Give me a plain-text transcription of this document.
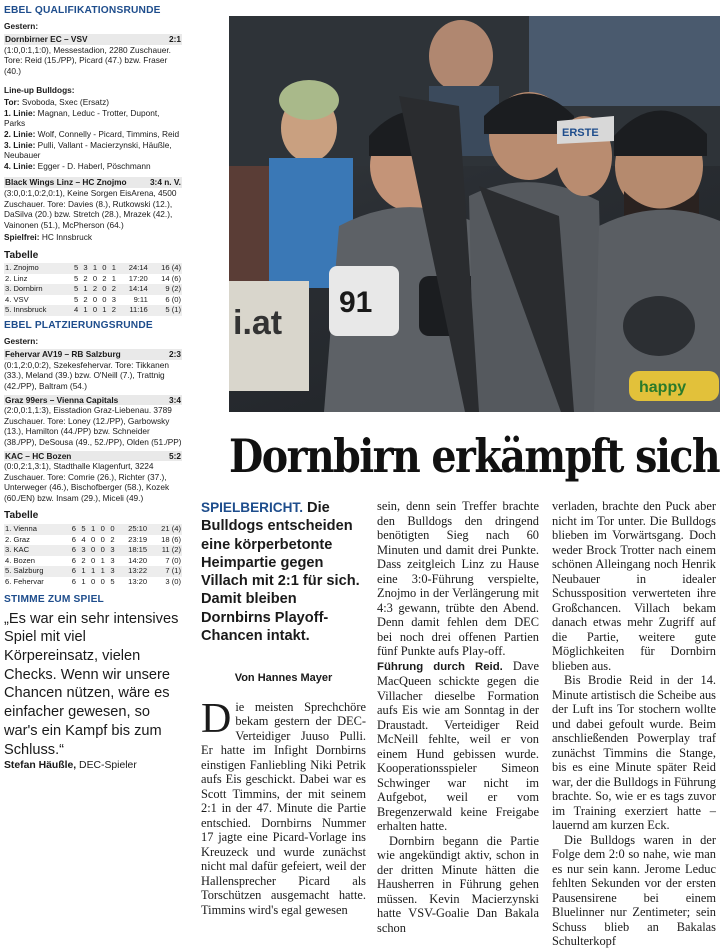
EBEL QUALIFIKATIONSRUNDE
Gestern:
Dornbirner EC – VSV	2:1
(1:0,0:1,1:0), Messestadion, 2280 Zuschauer. Tore: Reid (15./PP), Picard (47.) bzw. Fraser (40.)
Line-up Bulldogs:
Tor: Svoboda, Sxec (Ersatz)
1. Linie: Magnan, Leduc - Trotter, Dupont, Parks
2. Linie: Wolf, Connelly - Picard, Timmins, Reid
3. Linie: Pulli, Vallant - Macierzynski, Häußle, Neubauer
4. Linie: Egger - D. Haberl, Pöschmann
Black Wings Linz – HC Znojmo	3:4 n. V.
(3:0,0:1,0:2,0:1), Keine Sorgen EisArena, 4500 Zuschauer. Tore: Davies (8.), Rutkowski (12.), DaSilva (20.) bzw. Stretch (28.), Mrazek (42.), Vainonen (51.), McPherson (64.)
Spielfrei: HC Innsbruck
Tabelle
1. Znojmo	5	3	1	0	1	24:14	16 (4)
2. Linz	5	2	0	2	1	17:20	14 (6)
3. Dornbirn	5	1	2	0	2	14:14	9 (2)
4. VSV	5	2	0	0	3	9:11	6 (0)
5. Innsbruck	4	1	0	1	2	11:16	5 (1)
EBEL PLATZIERUNGSRUNDE
Gestern:
Fehervar AV19 – RB Salzburg	2:3
(0:1,2:0,0:2), Szekesfehervar. Tore: Tikkanen (33.), Meland (39.) bzw. O'Neill (7.), Trattnig (42./PP), Baltram (54.)
Graz 99ers – Vienna Capitals	3:4
(2:0,0:1,1:3), Eisstadion Graz-Liebenau. 3789 Zuschauer. Tore: Loney (12./PP), Garbowsky (13.), Hamilton (44./PP) bzw. Schneider (38./PP), DeSousa (49., 52./PP), Olden (51./PP)
KAC – HC Bozen	5:2
(0:0,2:1,3:1), Stadthalle Klagenfurt, 3224 Zuschauer. Tore: Comrie (26.), Richter (37.), Unterweger (46.), Bischofberger (58.), Kozek (60./EN) bzw. Insam (29.), Miceli (49.)
Tabelle
1. Vienna	6	5	1	0	0	25:10	21 (4)
2. Graz	6	4	0	0	2	23:19	18 (6)
3. KAC	6	3	0	0	3	18:15	11 (2)
4. Bozen	6	2	0	1	3	14:20	7 (0)
5. Salzburg	6	1	1	1	3	13:22	7 (1)
6. Fehervar	6	1	0	0	5	13:20	3 (0)
STIMME ZUM SPIEL
„Es war ein sehr intensives Spiel mit viel Körpereinsatz, vielen Checks. Wenn wir unsere Chancen nützen, wäre es einfacher gewesen, so war's ein Kampf bis zum Schluss.“
Stefan Häußle, DEC-Spieler
i.at
91
ERSTE
happy
Dornbirn erkämpft sich
SPIELBERICHT. Die Bulldogs entscheiden eine körperbetonte Heimpartie gegen Villach mit 2:1 für sich. Damit bleiben Dornbirns Playoff-Chancen intakt.
Von Hannes Mayer
Die meisten Sprechchöre bekam gestern der DEC-Verteidiger Juuso Pulli. Er hatte im Infight Dornbirns einstigen Fanliebling Niki Petrik aufs Eis geschickt. Dabei war es Scott Timmins, der mit seinem 2:1 in der 47. Minute die Partie entschied. Dornbirns Nummer 17 jagte eine Picard-Vorlage ins Kreuzeck und wurde zunächst nicht mal dafür gefeiert, weil der Hallensprecher Picard als Torschützen ausgemacht hatte. Timmins wird's egal gewesen
sein, denn sein Treffer brachte den Bulldogs den dringend benötigten Sieg nach 60 Minuten und damit drei Punkte. Dass zeitgleich Linz zu Hause eine 3:0-Führung verspielte, Znojmo in der Verlängerung mit 4:3 gewann, trübte den Abend. Denn damit fehlen dem DEC bei noch drei offenen Partien fünf Punkte aufs Play-off.
Führung durch Reid. Dave MacQueen schickte gegen die Villacher dieselbe Formation aufs Eis wie am Sonntag in der Draustadt. Verteidiger Reid McNeill fehlte, weil er von einem Hund gebissen wurde. Kooperationsspieler Simeon Schwinger war nicht im Aufgebot, weil er vom Bregenzerwald keine Freigabe erhalten hatte.
Dornbirn begann die Partie wie angekündigt aktiv, schon in der dritten Minute hätten die Hausherren in Führung gehen müssen. Kevin Macierzynski hatte VSV-Goalie Dan Bakala schon
verladen, brachte den Puck aber nicht im Tor unter. Die Bulldogs blieben im Vorwärtsgang. Doch weder Brock Trotter nach einem schönen Alleingang noch Henrik Neubauer in idealer Schussposition verwerteten ihre Großchancen. Villach bekam danach etwas mehr Zugriff auf die Partie, weitere gute Möglichkeiten für Dornbirn blieben aus.
Bis Brodie Reid in der 14. Minute artistisch die Scheibe aus der Luft ins Tor stochern wollte und dabei gefoult wurde. Beim anschließenden Powerplay traf zunächst Timmins die Stange, bis es eine Minute später Reid war, der die Bulldogs in Führung brachte. So, wie er es tags zuvor im Training exerziert hatte – lauernd am kurzen Eck.
Die Bulldogs waren in der Folge dem 2:0 so nahe, wie man es nur sein kann. Jerome Leduc fehlten Sekunden vor der ersten Pausensirene bei einem Bluelinner nur Zentimeter; sein Schuss blieb an Bakalas Schulterkopf
